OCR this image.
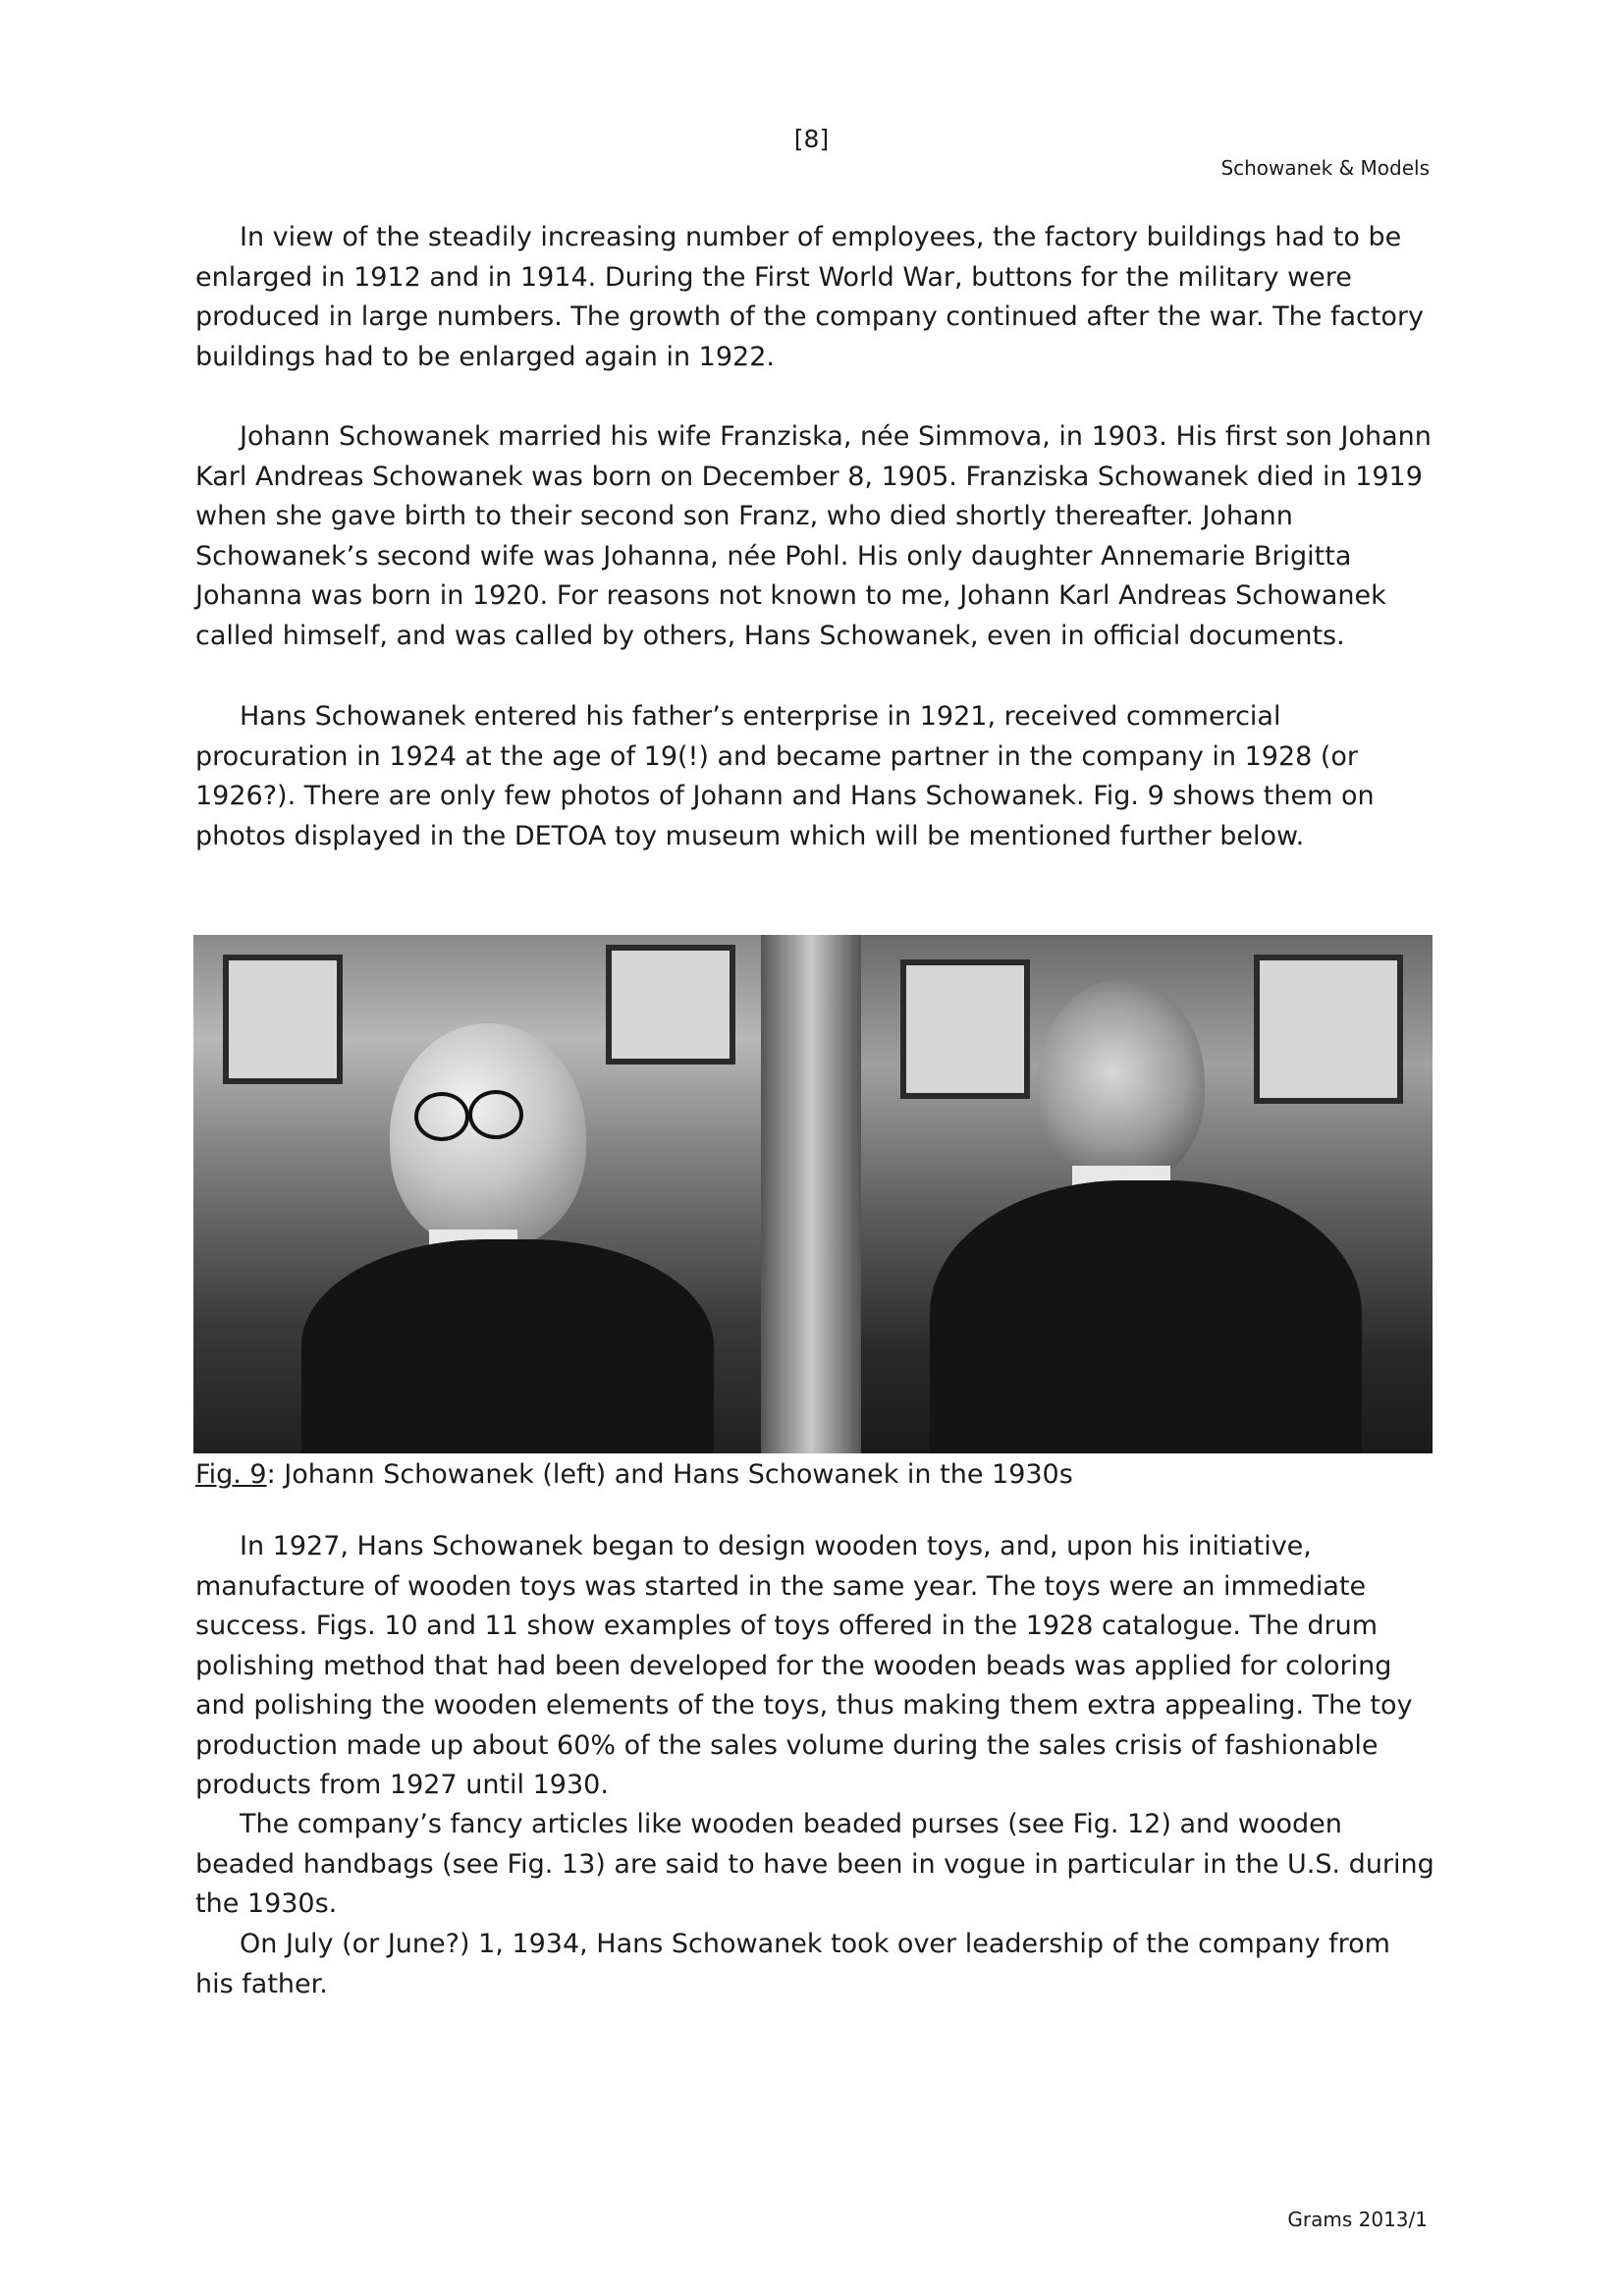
[8]
Schowanek & Models

In view of the steadily increasing number of employees, the factory buildings had to be enlarged in 1912 and in 1914. During the First World War, buttons for the military were produced in large numbers. The growth of the company continued after the war. The factory buildings had to be enlarged again in 1922.

Johann Schowanek married his wife Franziska, née Simmova, in 1903. His first son Johann Karl Andreas Schowanek was born on December 8, 1905. Franziska Schowanek died in 1919 when she gave birth to their second son Franz, who died shortly thereafter. Johann Schowanek’s second wife was Johanna, née Pohl. His only daughter Annemarie Brigitta Johanna was born in 1920. For reasons not known to me, Johann Karl Andreas Schowanek called himself, and was called by others, Hans Schowanek, even in official documents.

Hans Schowanek entered his father’s enterprise in 1921, received commercial procuration in 1924 at the age of 19(!) and became partner in the company in 1928 (or 1926?). There are only few photos of Johann and Hans Schowanek. Fig. 9 shows them on photos displayed in the DETOA toy museum which will be mentioned further below.

Fig. 9: Johann Schowanek (left) and Hans Schowanek in the 1930s

In 1927, Hans Schowanek began to design wooden toys, and, upon his initiative, manufacture of wooden toys was started in the same year. The toys were an immediate success. Figs. 10 and 11 show examples of toys offered in the 1928 catalogue. The drum polishing method that had been developed for the wooden beads was applied for coloring and polishing the wooden elements of the toys, thus making them extra appealing. The toy production made up about 60% of the sales volume during the sales crisis of fashionable products from 1927 until 1930.

The company’s fancy articles like wooden beaded purses (see Fig. 12) and wooden beaded handbags (see Fig. 13) are said to have been in vogue in particular in the U.S. during the 1930s.

On July (or June?) 1, 1934, Hans Schowanek took over leadership of the company from his father.

Grams 2013/1
